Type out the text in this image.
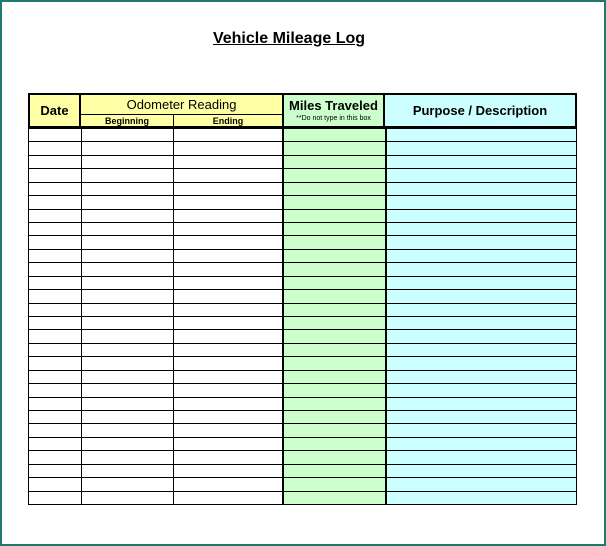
Vehicle Mileage Log
Date	Odometer Reading
Beginning	Ending
Miles Traveled
**Do not type in this box
Purpose / Description
